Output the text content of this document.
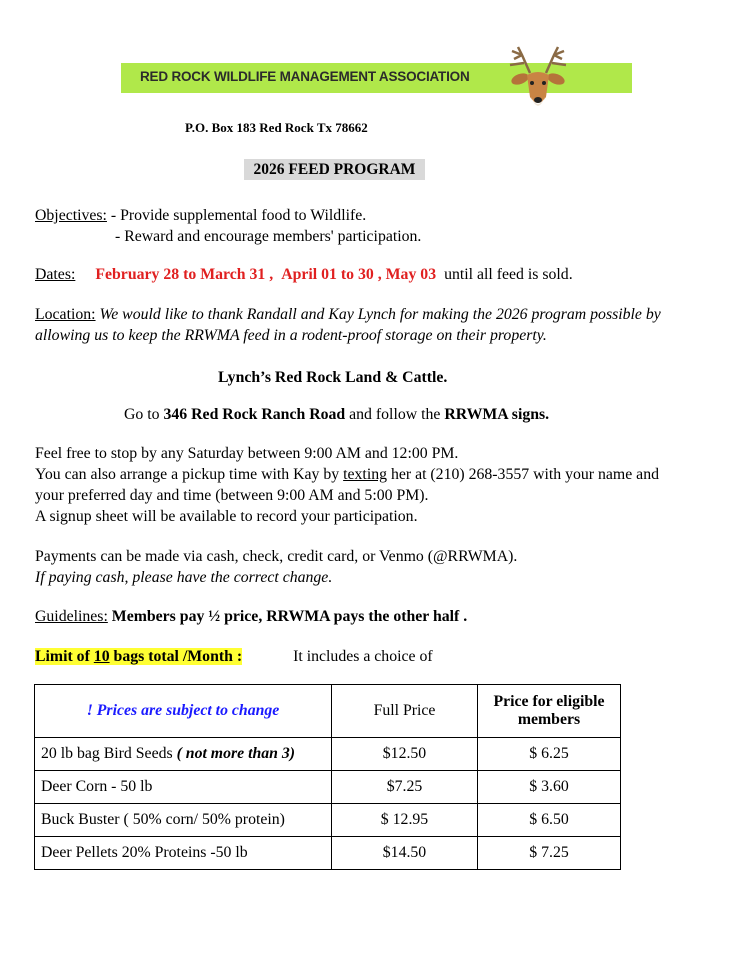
RED ROCK WILDLIFE MANAGEMENT ASSOCIATION
P.O. Box 183 Red Rock Tx 78662
2026 FEED PROGRAM
Objectives: - Provide supplemental food to Wildlife.
- Reward and encourage members' participation.
Dates: February 28 to March 31 , April 01 to 30 , May 03 until all feed is sold.
Location: We would like to thank Randall and Kay Lynch for making the 2026 program possible by
allowing us to keep the RRWMA feed in a rodent-proof storage on their property.
Lynch’s Red Rock Land & Cattle.
Go to 346 Red Rock Ranch Road and follow the RRWMA signs.
Feel free to stop by any Saturday between 9:00 AM and 12:00 PM.
You can also arrange a pickup time with Kay by texting her at (210) 268-3557 with your name and
your preferred day and time (between 9:00 AM and 5:00 PM).
A signup sheet will be available to record your participation.
Payments can be made via cash, check, credit card, or Venmo (@RRWMA).
If paying cash, please have the correct change.
Guidelines: Members pay ½ price, RRWMA pays the other half .
Limit of 10 bags total /Month :	It includes a choice of
! Prices are subject to change	Full Price	Price for eligible members
20 lb bag Bird Seeds ( not more than 3)	$12.50	$ 6.25
Deer Corn - 50 lb	$7.25	$ 3.60
Buck Buster ( 50% corn/ 50% protein)	$ 12.95	$ 6.50
Deer Pellets 20% Proteins -50 lb	$14.50	$ 7.25
